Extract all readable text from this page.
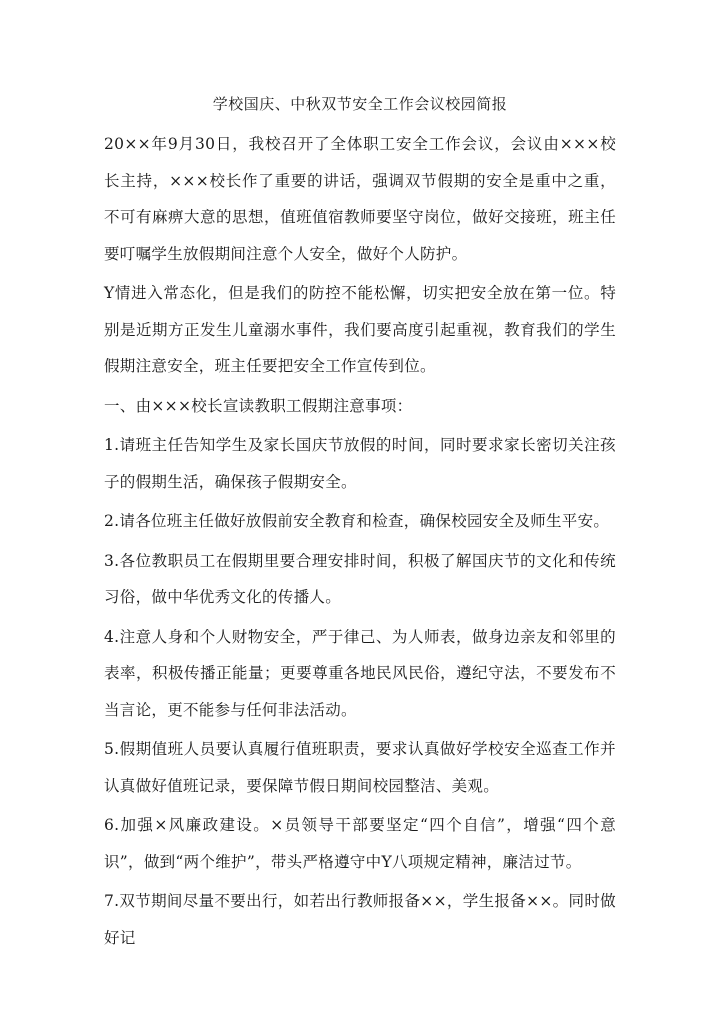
学校国庆、中秋双节安全工作会议校园简报

20××年9月30日，我校召开了全体职工安全工作会议，会议由×××校长主持，×××校长作了重要的讲话，强调双节假期的安全是重中之重，不可有麻痹大意的思想，值班值宿教师要坚守岗位，做好交接班，班主任要叮嘱学生放假期间注意个人安全，做好个人防护。

Y情进入常态化，但是我们的防控不能松懈，切实把安全放在第一位。特别是近期方正发生儿童溺水事件，我们要高度引起重视，教育我们的学生假期注意安全，班主任要把安全工作宣传到位。

一、由×××校长宣读教职工假期注意事项：

1.请班主任告知学生及家长国庆节放假的时间，同时要求家长密切关注孩子的假期生活，确保孩子假期安全。

2.请各位班主任做好放假前安全教育和检查，确保校园安全及师生平安。

3.各位教职员工在假期里要合理安排时间，积极了解国庆节的文化和传统习俗，做中华优秀文化的传播人。

4.注意人身和个人财物安全，严于律己、为人师表，做身边亲友和邻里的表率，积极传播正能量；更要尊重各地民风民俗，遵纪守法，不要发布不当言论，更不能参与任何非法活动。

5.假期值班人员要认真履行值班职责，要求认真做好学校安全巡查工作并认真做好值班记录，要保障节假日期间校园整洁、美观。

6.加强×风廉政建设。×员领导干部要坚定“四个自信”，增强“四个意识”，做到“两个维护”，带头严格遵守中Y八项规定精神，廉洁过节。

7.双节期间尽量不要出行，如若出行教师报备××，学生报备××。同时做好记
